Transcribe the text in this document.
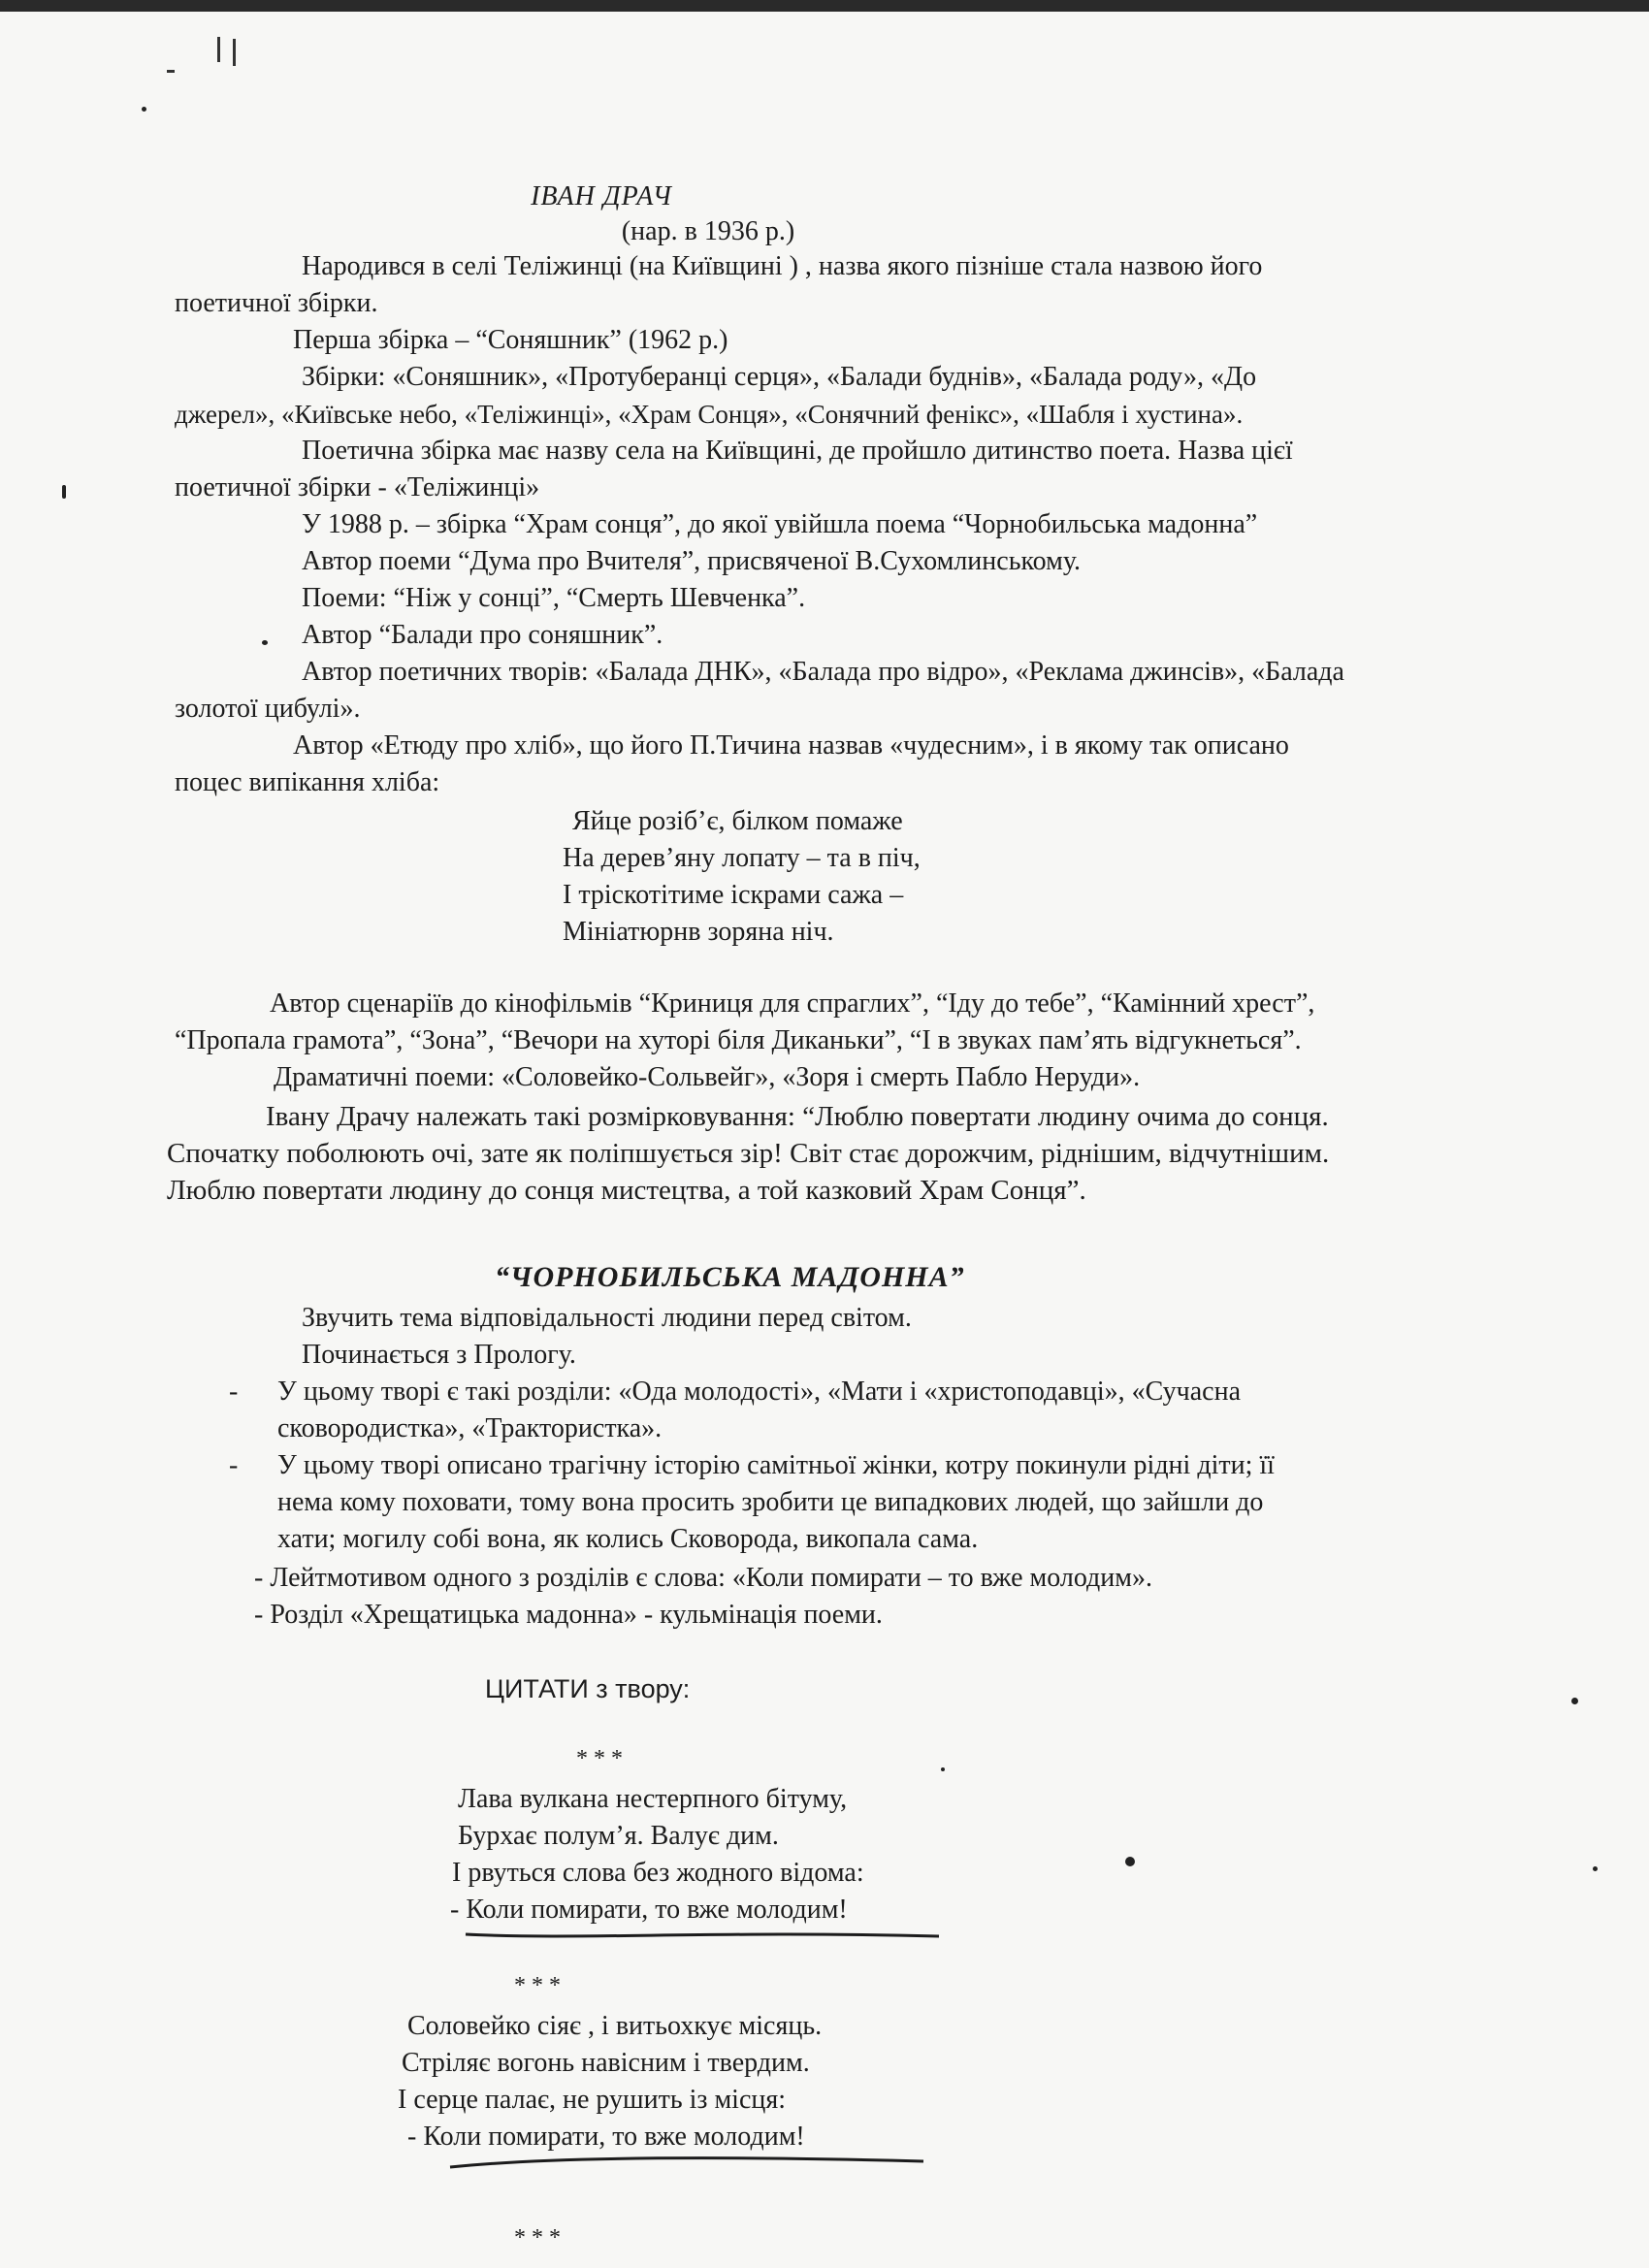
ІВАН ДРАЧ
(нар. в 1936 р.)
Народився в селі Теліжинці (на Київщині ) , назва якого пізніше стала назвою його
поетичної збірки.
Перша збірка – “Соняшник” (1962 р.)
Збірки: «Соняшник», «Протуберанці серця», «Балади буднів», «Балада роду», «До
джерел», «Київське небо, «Теліжинці», «Храм Сонця», «Сонячний фенікс», «Шабля і хустина».
Поетична збірка має назву села на Київщині, де пройшло дитинство поета. Назва цієї
поетичної збірки - «Теліжинці»
У 1988 р. – збірка “Храм сонця”, до якої увійшла поема “Чорнобильська мадонна”
Автор поеми “Дума про Вчителя”, присвяченої В.Сухомлинському.
Поеми: “Ніж у сонці”, “Смерть Шевченка”.
Автор “Балади про соняшник”.
Автор поетичних творів: «Балада ДНК», «Балада про відро», «Реклама джинсів», «Балада
золотої цибулі».
Автор «Етюду про хліб», що його П.Тичина назвав «чудесним», і в якому так описано
поцес випікання хліба:
Яйце розіб’є, білком помаже
На дерев’яну лопату – та в піч,
І тріскотітиме іскрами сажа –
Мініатюрнв зоряна ніч.
Автор сценаріїв до кінофільмів “Криниця для спраглих”, “Іду до тебе”, “Камінний хрест”,
“Пропала грамота”, “Зона”, “Вечори на хуторі біля Диканьки”, “І в звуках пам’ять відгукнеться”.
Драматичні поеми: «Соловейко-Сольвейг», «Зоря і смерть Пабло Неруди».
Івану Драчу належать такі розмірковування: “Люблю повертати людину очима до сонця.
Спочатку поболюють очі, зате як поліпшується зір! Світ стає дорожчим, ріднішим, відчутнішим.
Люблю повертати людину до сонця мистецтва, а той казковий Храм Сонця”.
“ЧОРНОБИЛЬСЬКА МАДОННА”
Звучить тема відповідальності людини перед світом.
Починається з Прологу.
- У цьому творі є такі розділи: «Ода молодості», «Мати і «христоподавці», «Сучасна
сковородистка», «Трактористка».
- У цьому творі описано трагічну історію самітньої жінки, котру покинули рідні діти; її
нема кому поховати, тому вона просить зробити це випадкових людей, що зайшли до
хати; могилу собі вона, як колись Сковорода, викопала сама.
- Лейтмотивом одного з розділів є слова: «Коли помирати – то вже молодим».
- Розділ «Хрещатицька мадонна» - кульмінація поеми.
ЦИТАТИ з твору:
* * *
Лава вулкана нестерпного бітуму,
Бурхає полум’я. Валує дим.
І рвуться слова без жодного відома:
- Коли помирати, то вже молодим!
* * *
Соловейко сіяє , і витьохкує місяць.
Стріляє вогонь навісним і твердим.
І серце палає, не рушить із місця:
- Коли помирати, то вже молодим!
* * *
